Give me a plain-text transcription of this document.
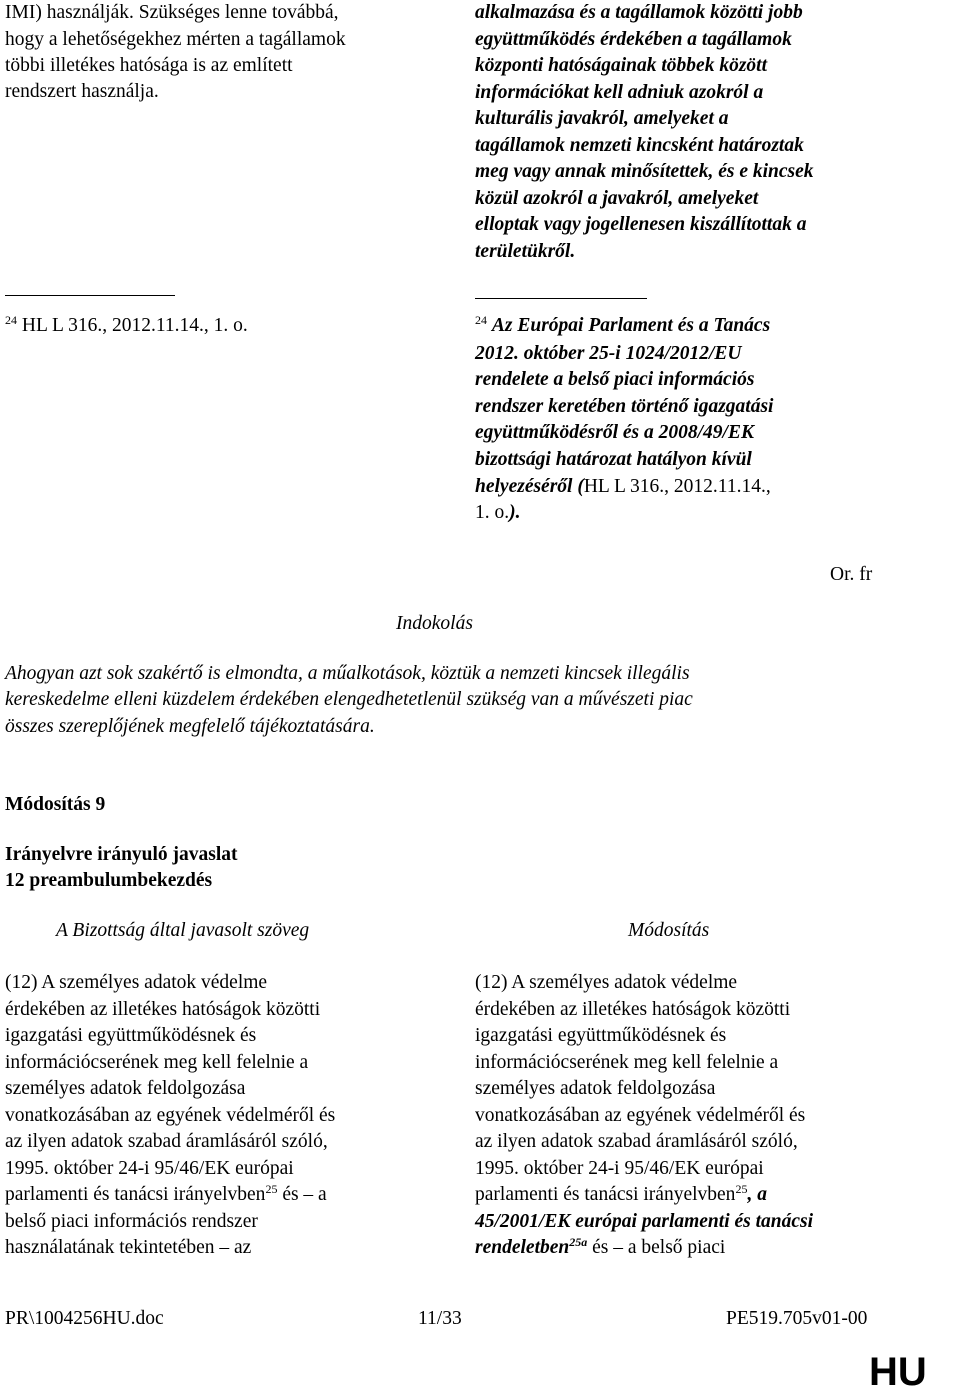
IMI) használják. Szükséges lenne továbbá,
hogy a lehetőségekhez mérten a tagállamok
többi illetékes hatósága is az említett
rendszert használja.
alkalmazása és a tagállamok közötti jobb
együttműködés érdekében a tagállamok
központi hatóságainak többek között
információkat kell adniuk azokról a
kulturális javakról, amelyeket a
tagállamok nemzeti kincsként határoztak
meg vagy annak minősítettek, és e kincsek
közül azokról a javakról, amelyeket
elloptak vagy jogellenesen kiszállítottak a
területükről.
$^{24}$ HL L 316., 2012.11.14., 1. o.	$^{24}$ Az Európai Parlament és a Tanács
2012. október 25-i 1024/2012/EU
rendelete a belső piaci információs
rendszer keretében történő igazgatási
együttműködésről és a 2008/49/EK
bizottsági határozat hatályon kívül
helyezéséről (HL L 316., 2012.11.14.,
1. o.).
Or. fr
Indokolás
Ahogyan azt sok szakértő is elmondta, a műalkotások, köztük a nemzeti kincsek illegális
kereskedelme elleni küzdelem érdekében elengedhetetlenül szükség van a művészeti piac
összes szereplőjének megfelelő tájékoztatására.
Módosítás 9
Irányelvre irányuló javaslat
12 preambulumbekezdés
A Bizottság által javasolt szöveg	Módosítás
(12) A személyes adatok védelme
érdekében az illetékes hatóságok közötti
igazgatási együttműködésnek és
információcserének meg kell felelnie a
személyes adatok feldolgozása
vonatkozásában az egyének védelméről és
az ilyen adatok szabad áramlásáról szóló,
1995. október 24-i 95/46/EK európai
parlamenti és tanácsi irányelvben$^{25}$ és – a
belső piaci információs rendszer
használatának tekintetében – az
(12) A személyes adatok védelme
érdekében az illetékes hatóságok közötti
igazgatási együttműködésnek és
információcserének meg kell felelnie a
személyes adatok feldolgozása
vonatkozásában az egyének védelméről és
az ilyen adatok szabad áramlásáról szóló,
1995. október 24-i 95/46/EK európai
parlamenti és tanácsi irányelvben$^{25}$, a
45/2001/EK európai parlamenti és tanácsi
rendeletben$^{25a}$ és – a belső piaci
PR\1004256HU.doc	11/33	PE519.705v01-00
HU
